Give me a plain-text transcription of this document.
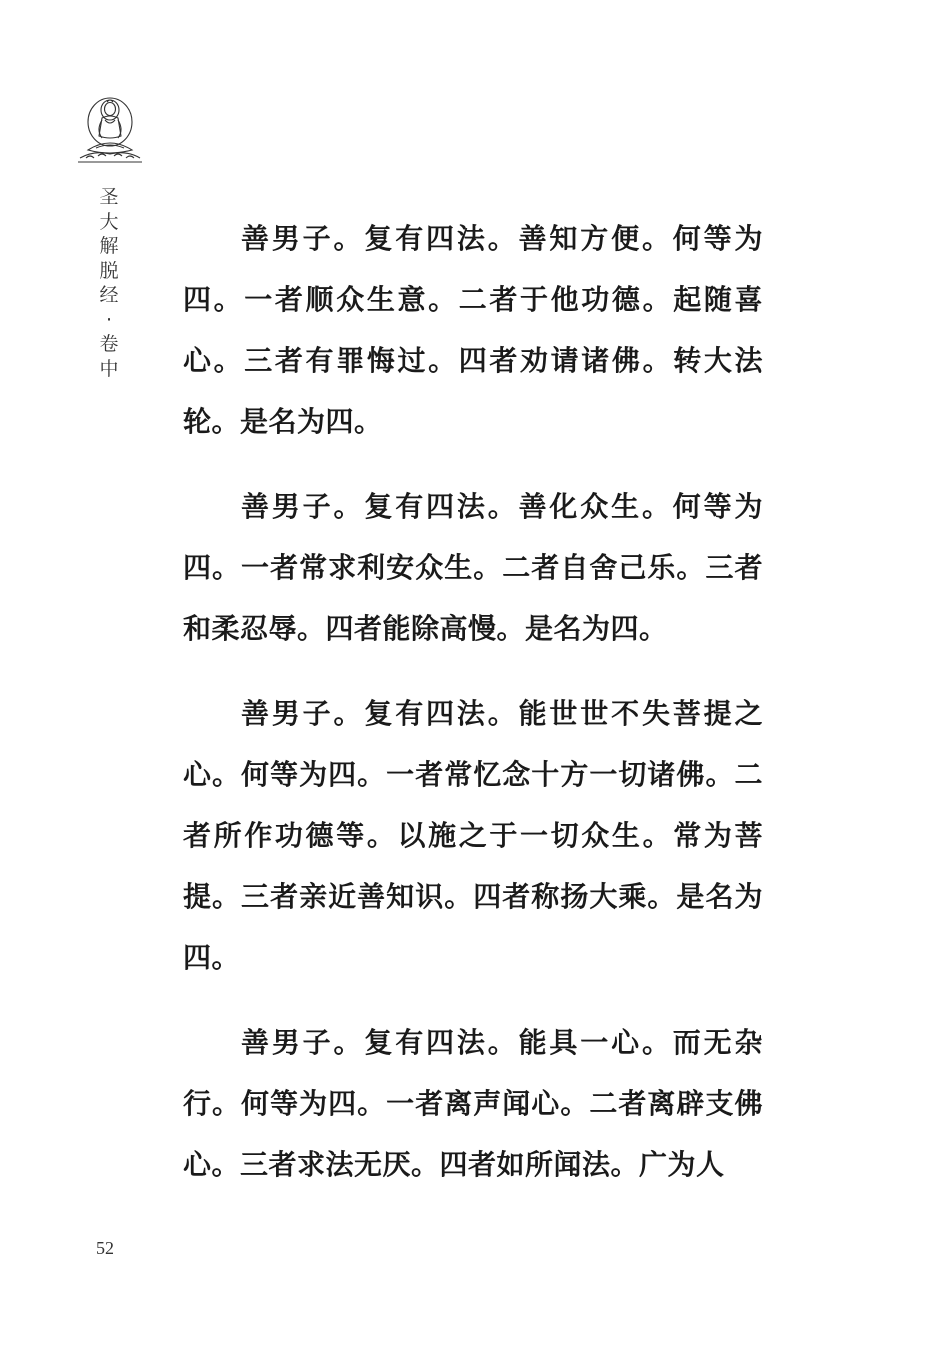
圣
大
解
脱
经
·
卷
中

善男子。复有四法。善知方便。何等为四。一者顺众生意。二者于他功德。起随喜心。三者有罪悔过。四者劝请诸佛。转大法轮。是名为四。

善男子。复有四法。善化众生。何等为四。一者常求利安众生。二者自舍己乐。三者和柔忍辱。四者能除高慢。是名为四。

善男子。复有四法。能世世不失菩提之心。何等为四。一者常忆念十方一切诸佛。二者所作功德等。以施之于一切众生。常为菩提。三者亲近善知识。四者称扬大乘。是名为四。

善男子。复有四法。能具一心。而无杂行。何等为四。一者离声闻心。二者离辟支佛心。三者求法无厌。四者如所闻法。广为人

52
